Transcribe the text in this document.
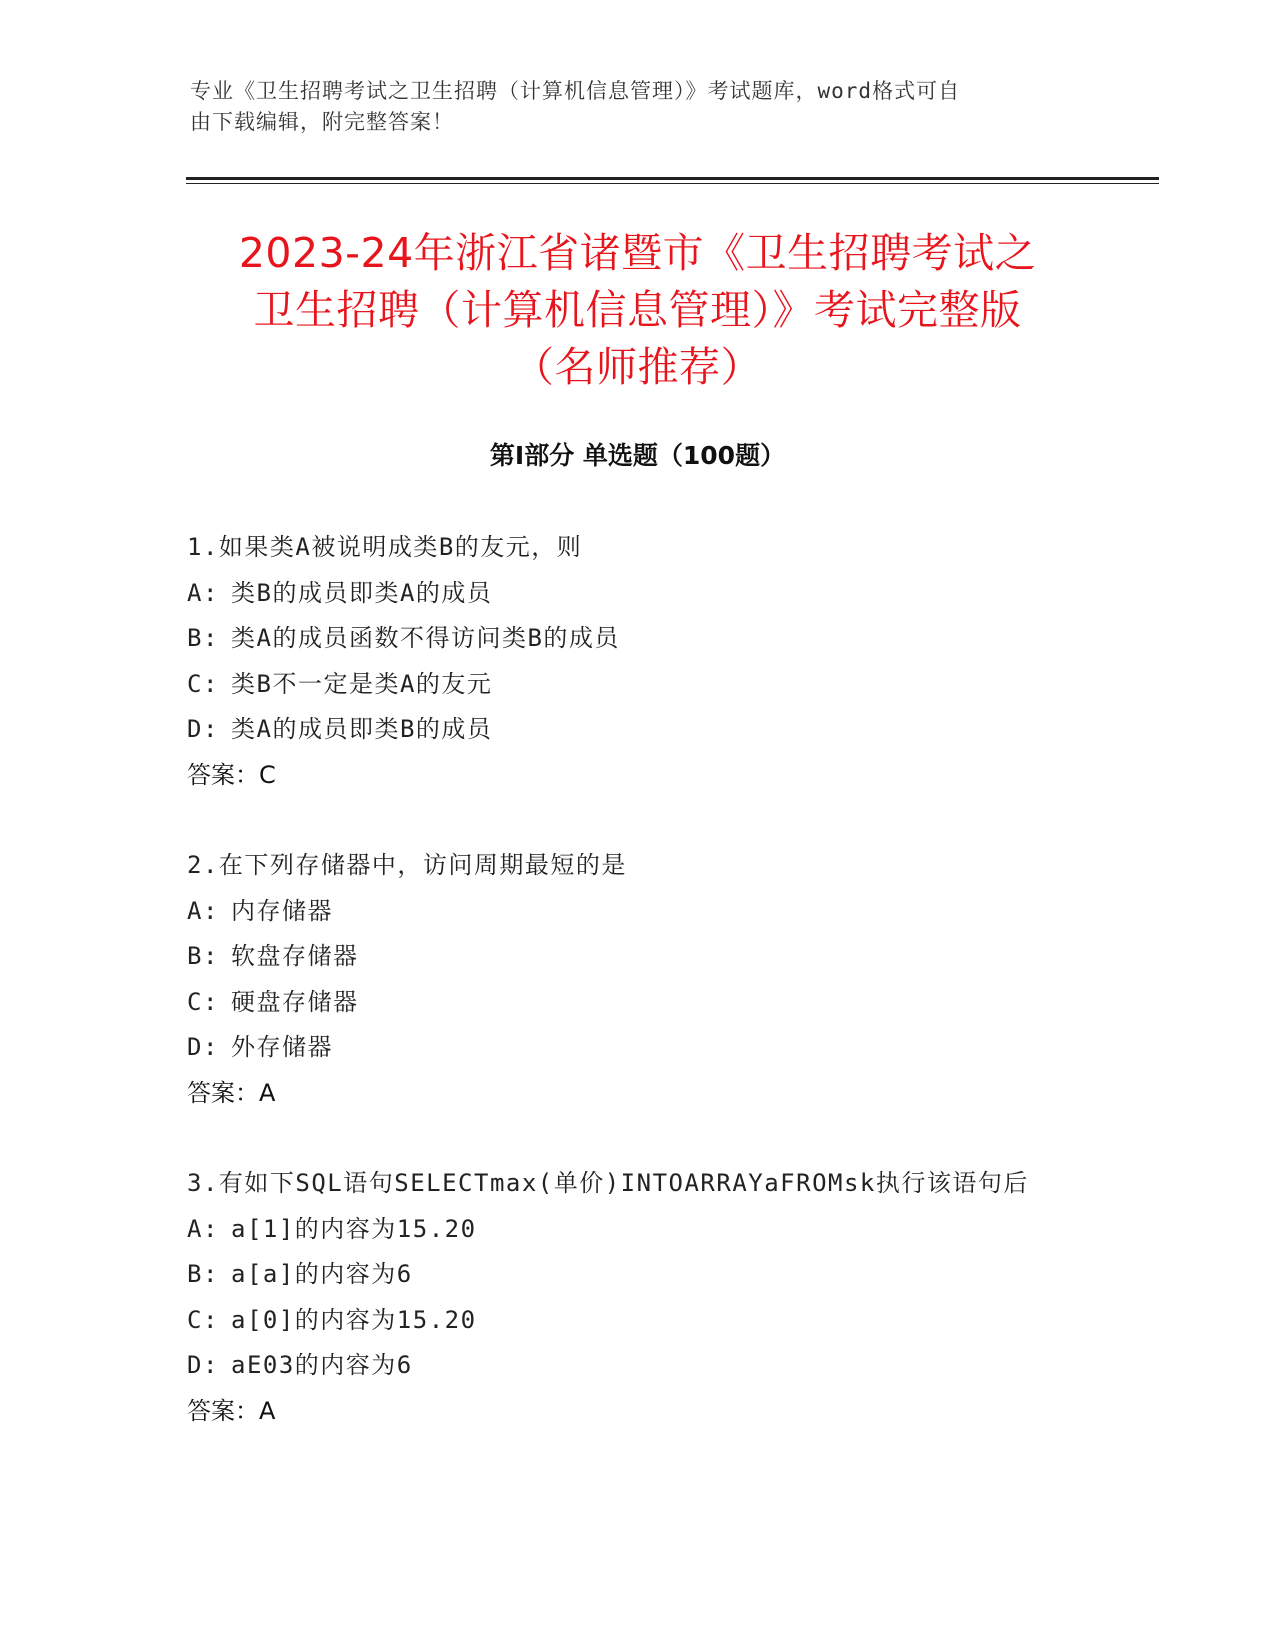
专业《卫生招聘考试之卫生招聘（计算机信息管理）》考试题库，word格式可自
由下载编辑，附完整答案！
2023-24年浙江省诸暨市《卫生招聘考试之
卫生招聘（计算机信息管理）》考试完整版
（名师推荐）
第Ⅰ部分 单选题（100题）
1.如果类A被说明成类B的友元，则
A: 类B的成员即类A的成员
B: 类A的成员函数不得访问类B的成员
C: 类B不一定是类A的友元
D: 类A的成员即类B的成员
答案：C
2.在下列存储器中，访问周期最短的是
A: 内存储器
B: 软盘存储器
C: 硬盘存储器
D: 外存储器
答案：A
3.有如下SQL语句SELECTmax(单价)INTOARRAYaFROMsk执行该语句后
A: a[1]的内容为15.20
B: a[a]的内容为6
C: a[0]的内容为15.20
D: aE03的内容为6
答案：A
